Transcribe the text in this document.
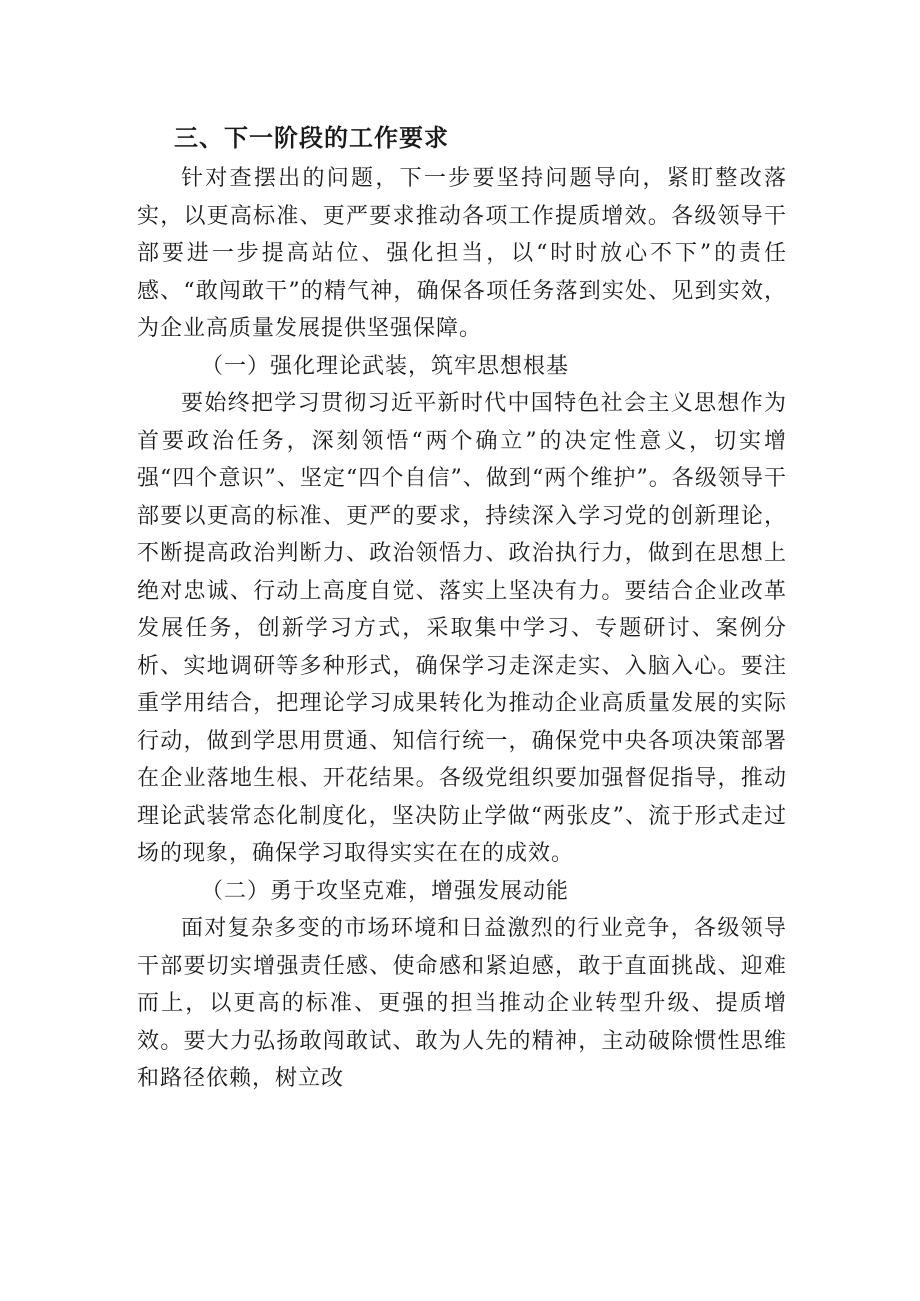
三、下一阶段的工作要求

针对查摆出的问题，下一步要坚持问题导向，紧盯整改落实，以更高标准、更严要求推动各项工作提质增效。各级领导干部要进一步提高站位、强化担当，以“时时放心不下”的责任感、“敢闯敢干”的精气神，确保各项任务落到实处、见到实效，为企业高质量发展提供坚强保障。

（一）强化理论武装，筑牢思想根基

要始终把学习贯彻习近平新时代中国特色社会主义思想作为首要政治任务，深刻领悟“两个确立”的决定性意义，切实增强“四个意识”、坚定“四个自信”、做到“两个维护”。各级领导干部要以更高的标准、更严的要求，持续深入学习党的创新理论，不断提高政治判断力、政治领悟力、政治执行力，做到在思想上绝对忠诚、行动上高度自觉、落实上坚决有力。要结合企业改革发展任务，创新学习方式，采取集中学习、专题研讨、案例分析、实地调研等多种形式，确保学习走深走实、入脑入心。要注重学用结合，把理论学习成果转化为推动企业高质量发展的实际行动，做到学思用贯通、知信行统一，确保党中央各项决策部署在企业落地生根、开花结果。各级党组织要加强督促指导，推动理论武装常态化制度化，坚决防止学做“两张皮”、流于形式走过场的现象，确保学习取得实实在在的成效。

（二）勇于攻坚克难，增强发展动能

面对复杂多变的市场环境和日益激烈的行业竞争，各级领导干部要切实增强责任感、使命感和紧迫感，敢于直面挑战、迎难而上，以更高的标准、更强的担当推动企业转型升级、提质增效。要大力弘扬敢闯敢试、敢为人先的精神，主动破除惯性思维和路径依赖，树立改
